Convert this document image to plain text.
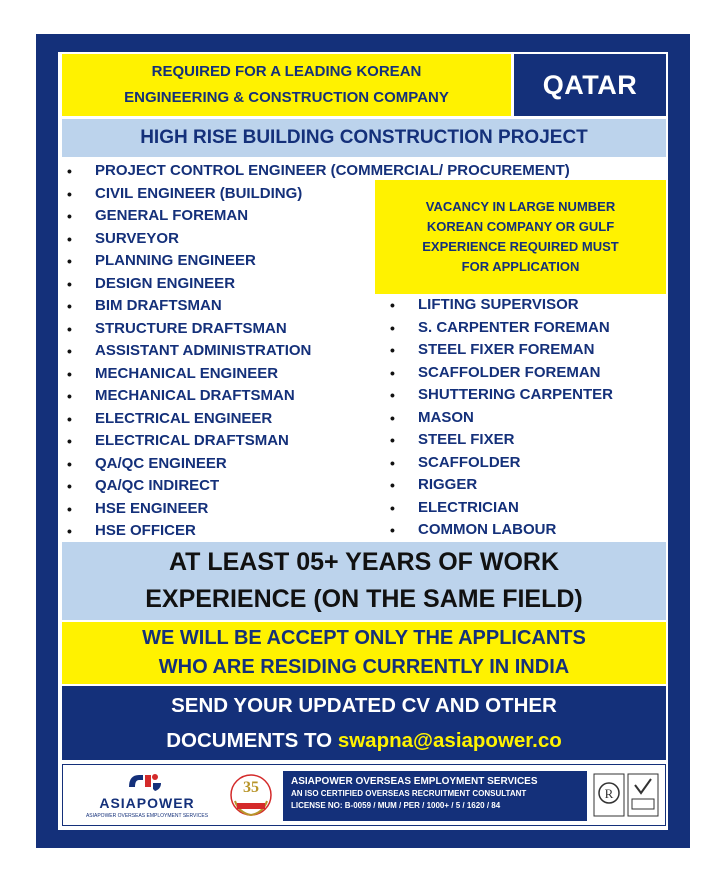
REQUIRED FOR A LEADING KOREAN
ENGINEERING & CONSTRUCTION COMPANY	QATAR
HIGH RISE BUILDING CONSTRUCTION PROJECT
• PROJECT CONTROL ENGINEER (COMMERCIAL/ PROCUREMENT)
• CIVIL ENGINEER (BUILDING)
• GENERAL FOREMAN
• SURVEYOR
• PLANNING ENGINEER
• DESIGN ENGINEER
• BIM DRAFTSMAN
• STRUCTURE DRAFTSMAN
• ASSISTANT ADMINISTRATION
• MECHANICAL ENGINEER
• MECHANICAL DRAFTSMAN
• ELECTRICAL ENGINEER
• ELECTRICAL DRAFTSMAN
• QA/QC ENGINEER
• QA/QC INDIRECT
• HSE ENGINEER
• HSE OFFICER
VACANCY IN LARGE NUMBER
KOREAN COMPANY OR GULF
EXPERIENCE REQUIRED MUST
FOR APPLICATION
• LIFTING SUPERVISOR
• S. CARPENTER FOREMAN
• STEEL FIXER FOREMAN
• SCAFFOLDER FOREMAN
• SHUTTERING CARPENTER
• MASON
• STEEL FIXER
• SCAFFOLDER
• RIGGER
• ELECTRICIAN
• COMMON LABOUR
AT LEAST 05+ YEARS OF WORK
EXPERIENCE (ON THE SAME FIELD)
WE WILL BE ACCEPT ONLY THE APPLICANTS
WHO ARE RESIDING CURRENTLY IN INDIA
SEND YOUR UPDATED CV AND OTHER
DOCUMENTS TO swapna@asiapower.co
ASIAPOWER
ASIAPOWER OVERSEAS EMPLOYMENT SERVICES
35	ASIAPOWER OVERSEAS EMPLOYMENT SERVICES
AN ISO CERTIFIED OVERSEAS RECRUITMENT CONSULTANT
LICENSE NO: B-0059 / MUM / PER / 1000+ / 5 / 1620 / 84
R
